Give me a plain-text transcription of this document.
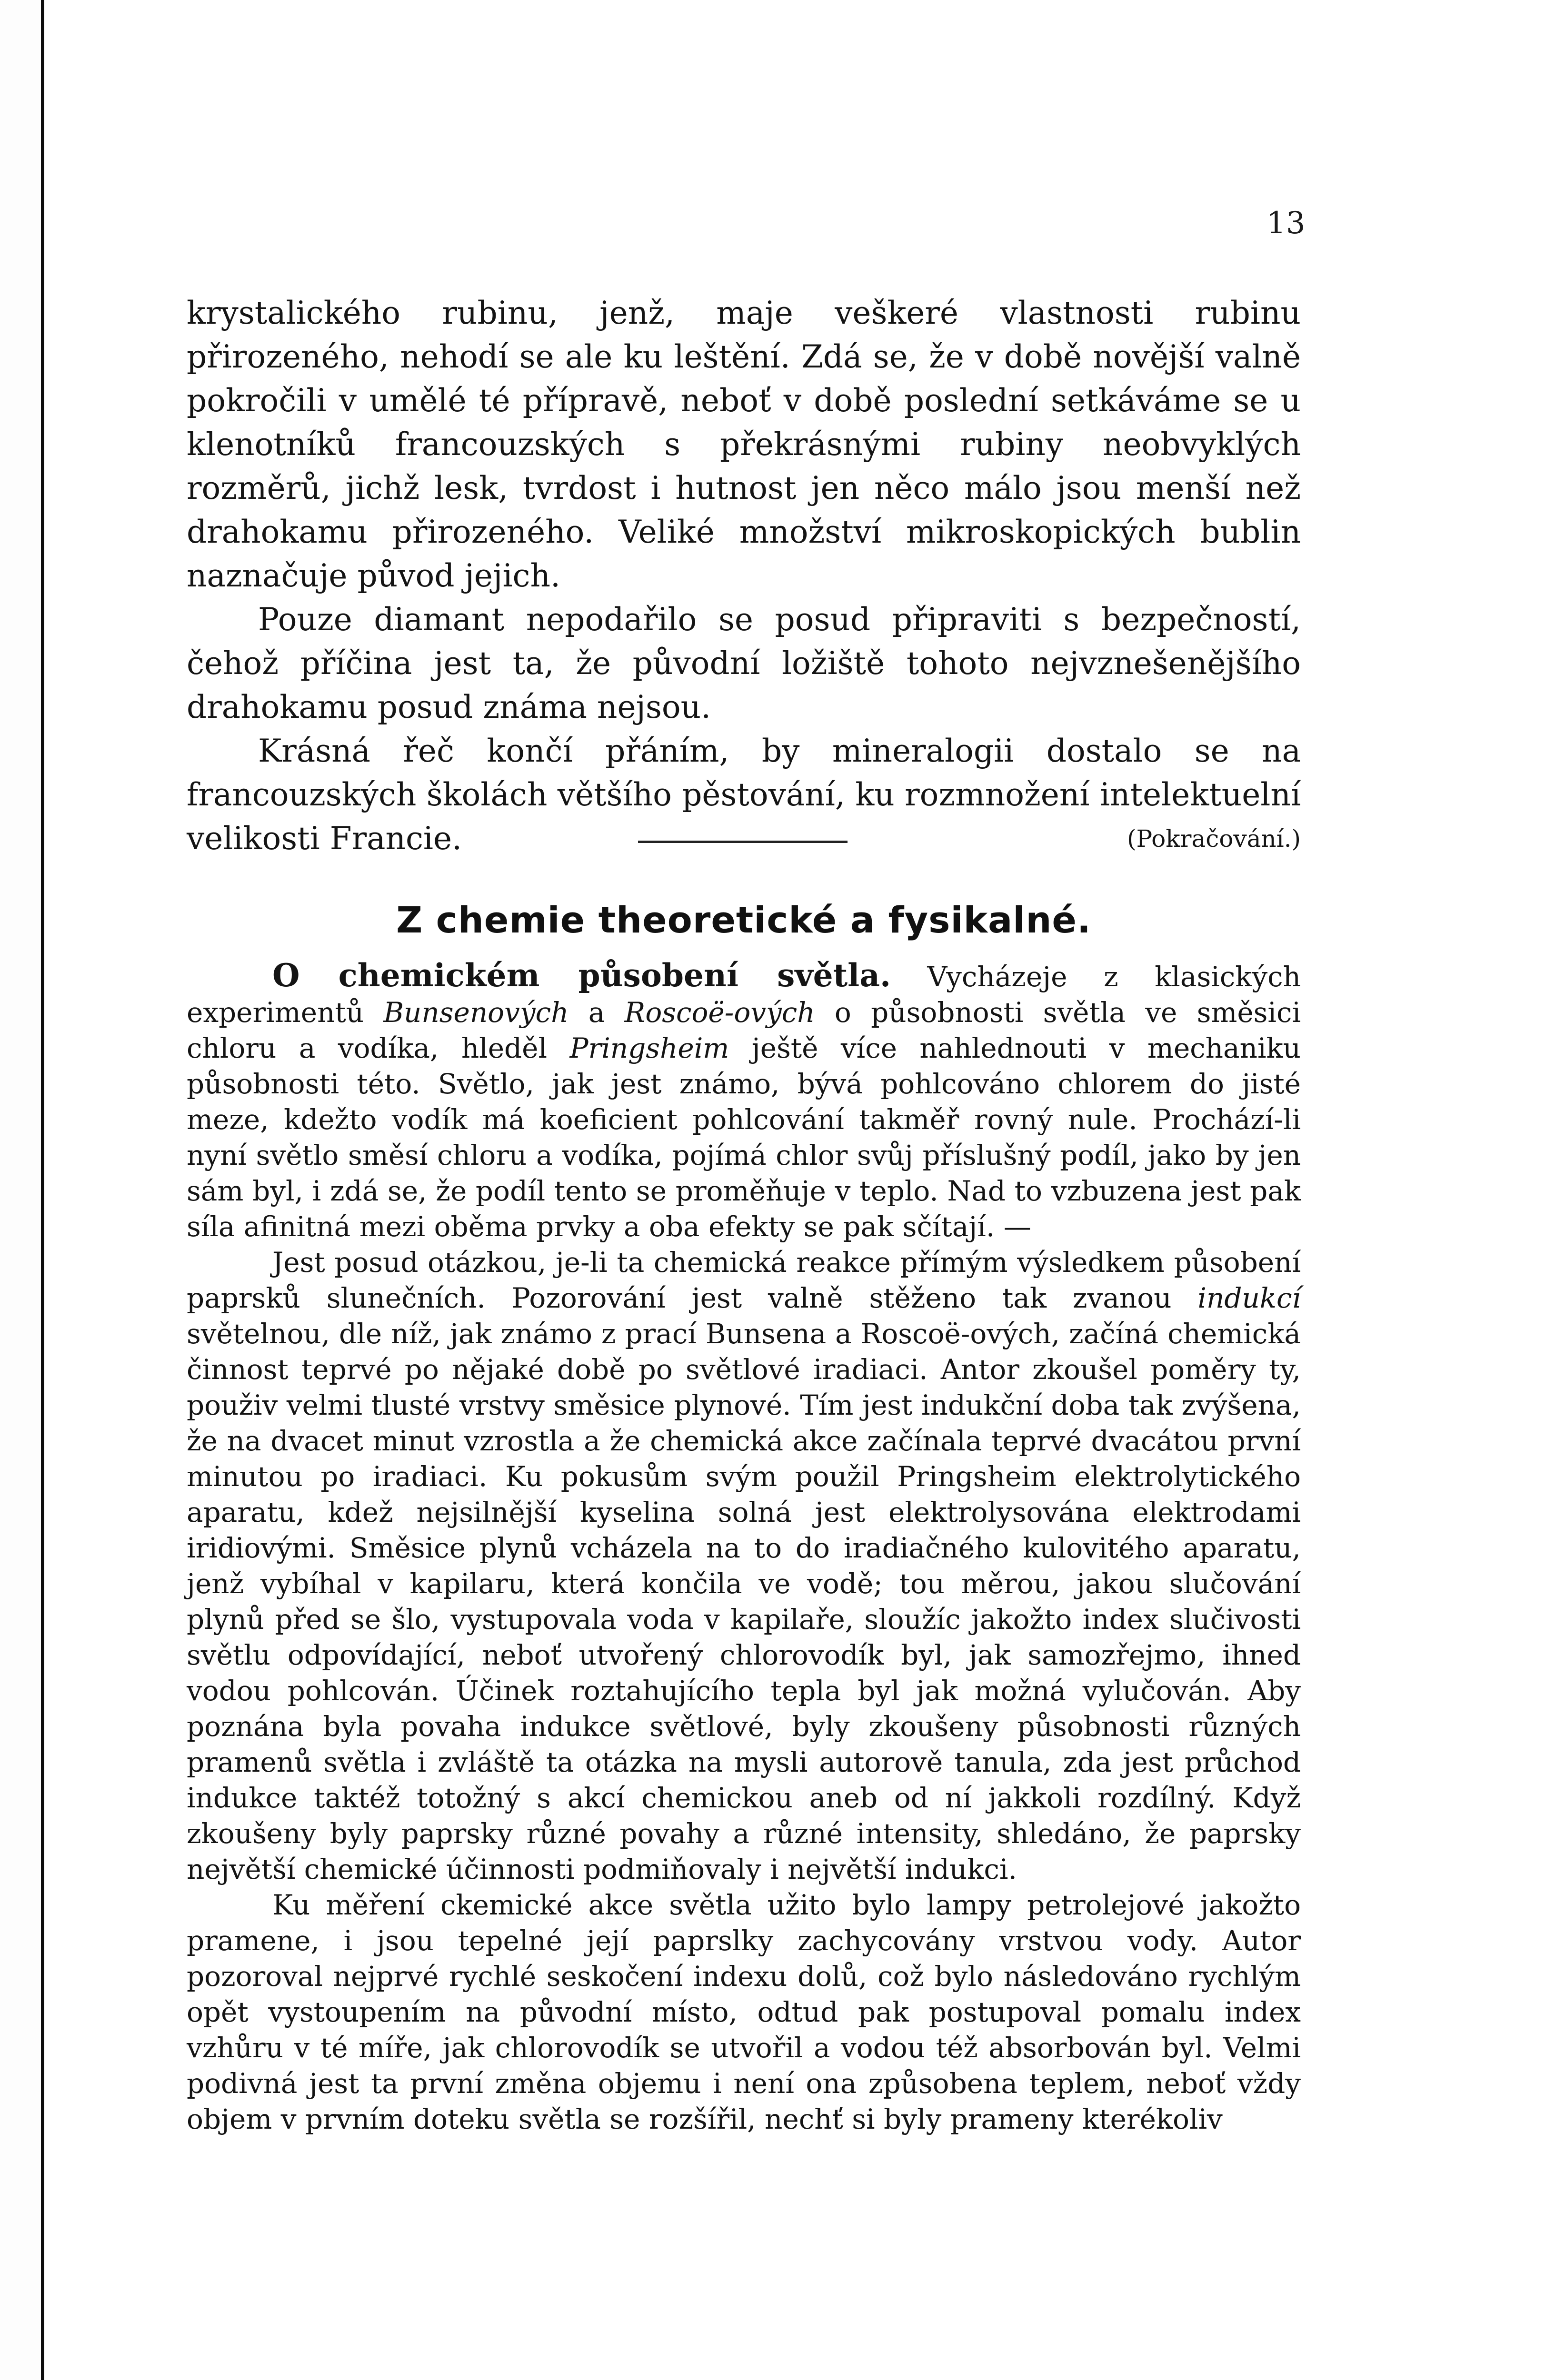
13

krystalického rubinu, jenž, maje veškeré vlastnosti rubinu přirozeného, nehodí se ale ku leštění. Zdá se, že v době novější valně pokročili v umělé té přípravě, neboť v době poslední setkáváme se u klenotníků francouzských s překrásnými rubiny neobvyklých rozměrů, jichž lesk, tvrdost i hutnost jen něco málo jsou menší než drahokamu přirozeného. Veliké množství mikroskopických bublin naznačuje původ jejich.

Pouze diamant nepodařilo se posud připraviti s bezpečností, čehož příčina jest ta, že původní ložiště tohoto nejvznešenějšího drahokamu posud známa nejsou.

Krásná řeč končí přáním, by mineralogii dostalo se na francouzských školách většího pěstování, ku rozmnožení intelektuelní velikosti Francie.	(Pokračování.)
Z chemie theoretické a fysikalné.

O chemickém působení světla. Vycházeje z klasických experimentů Bunsenových a Roscoë-ových o působnosti světla ve směsici chloru a vodíka, hleděl Pringsheim ještě více nahlednouti v mechaniku působnosti této. Světlo, jak jest známo, bývá pohlcováno chlorem do jisté meze, kdežto vodík má koeficient pohlcování takměř rovný nule. Prochází-li nyní světlo směsí chloru a vodíka, pojímá chlor svůj příslušný podíl, jako by jen sám byl, i zdá se, že podíl tento se proměňuje v teplo. Nad to vzbuzena jest pak síla afinitná mezi oběma prvky a oba efekty se pak sčítají. —

Jest posud otázkou, je-li ta chemická reakce přímým výsledkem působení paprsků slunečních. Pozorování jest valně stěženo tak zvanou indukcí světelnou, dle níž, jak známo z prací Bunsena a Roscoë-ových, začíná chemická činnost teprvé po nějaké době po světlové iradiaci. Antor zkoušel poměry ty, použiv velmi tlusté vrstvy směsice plynové. Tím jest indukční doba tak zvýšena, že na dvacet minut vzrostla a že chemická akce začínala teprvé dvacátou první minutou po iradiaci. Ku pokusům svým použil Pringsheim elektrolytického aparatu, kdež nejsilnější kyselina solná jest elektrolysována elektrodami iridiovými. Směsice plynů vcházela na to do iradiačného kulovitého aparatu, jenž vybíhal v kapilaru, která končila ve vodě; tou měrou, jakou slučování plynů před se šlo, vystupovala voda v kapilaře, sloužíc jakožto index slučivosti světlu odpovídající, neboť utvořený chlorovodík byl, jak samozřejmo, ihned vodou pohlcován. Účinek roztahujícího tepla byl jak možná vylučován. Aby poznána byla povaha indukce světlové, byly zkoušeny působnosti různých pramenů světla i zvláště ta otázka na mysli autorově tanula, zda jest průchod indukce taktéž totožný s akcí chemickou aneb od ní jakkoli rozdílný. Když zkoušeny byly paprsky různé povahy a různé intensity, shledáno, že paprsky největší chemické účinnosti podmiňovaly i největší indukci.

Ku měření ckemické akce světla užito bylo lampy petrolejové jakožto pramene, i jsou tepelné její paprslky zachycovány vrstvou vody. Autor pozoroval nejprvé rychlé seskočení indexu dolů, což bylo následováno rychlým opět vystoupením na původní místo, odtud pak postupoval pomalu index vzhůru v té míře, jak chlorovodík se utvořil a vodou též absorbován byl. Velmi podivná jest ta první změna objemu i není ona způsobena teplem, neboť vždy objem v prvním doteku světla se rozšířil, nechť si byly prameny kterékoliv
